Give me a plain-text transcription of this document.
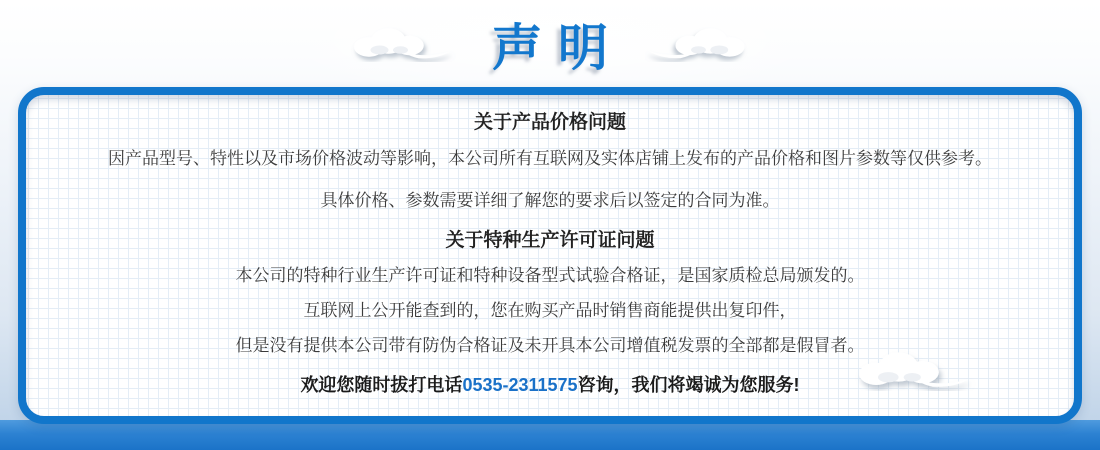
声明
关于产品价格问题
因产品型号、特性以及市场价格波动等影响，本公司所有互联网及实体店铺上发布的产品价格和图片参数等仅供参考。
具体价格、参数需要详细了解您的要求后以签定的合同为准。
关于特种生产许可证问题
本公司的特种行业生产许可证和特种设备型式试验合格证，是国家质检总局颁发的。
互联网上公开能查到的，您在购买产品时销售商能提供出复印件，
但是没有提供本公司带有防伪合格证及未开具本公司增值税发票的全部都是假冒者。
欢迎您随时拔打电话0535-2311575咨询，我们将竭诚为您服务!
